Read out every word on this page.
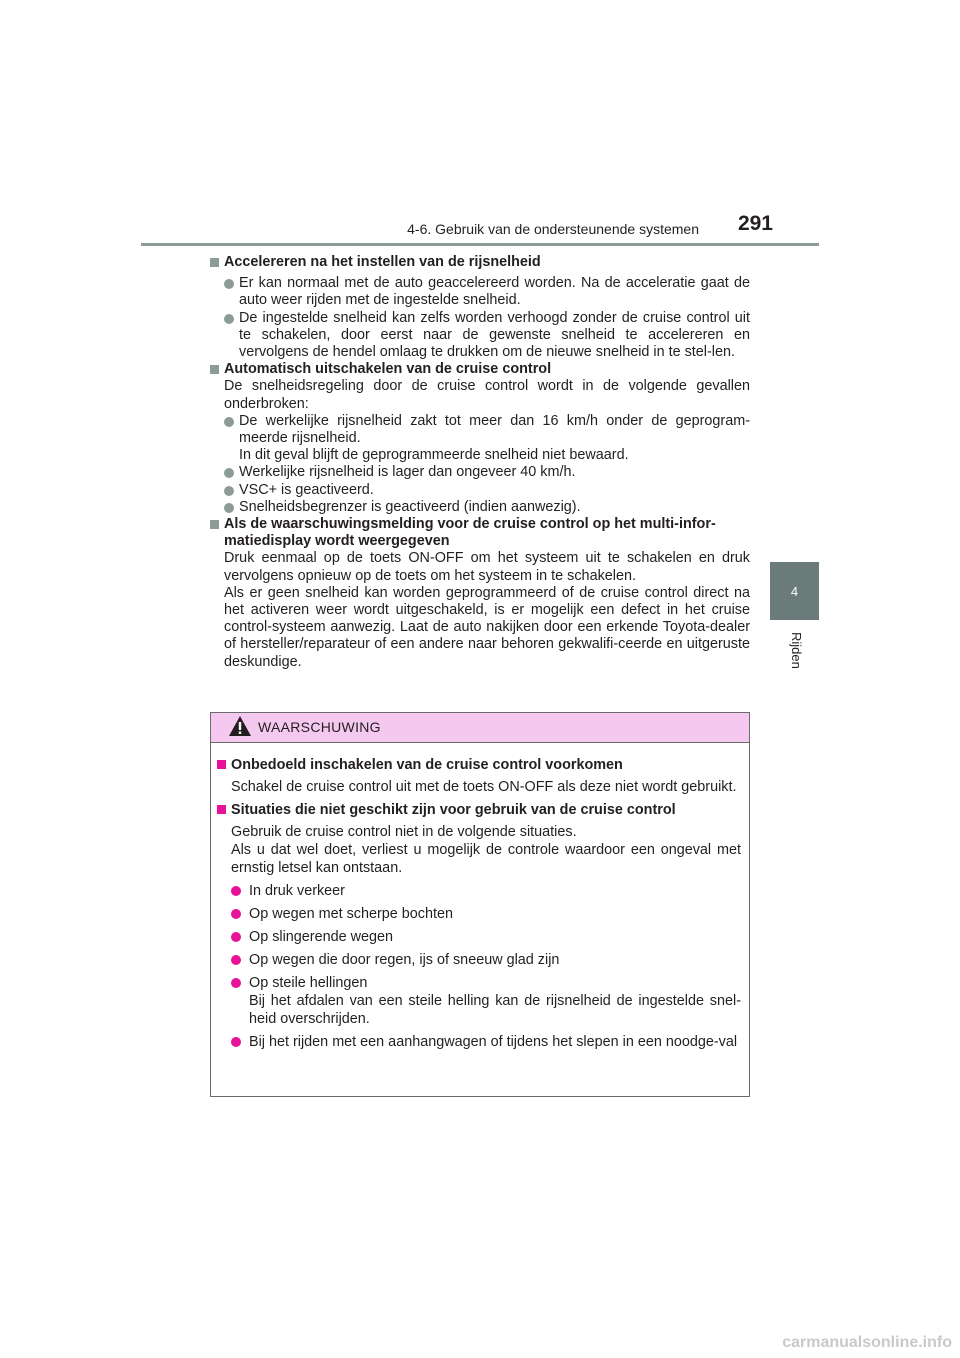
4-6. Gebruik van de ondersteunende systemen 291
4
Rijden
Accelereren na het instellen van de rijsnelheid
Er kan normaal met de auto geaccelereerd worden. Na de acceleratie gaat de auto weer rijden met de ingestelde snelheid.
De ingestelde snelheid kan zelfs worden verhoogd zonder de cruise control uit te schakelen, door eerst naar de gewenste snelheid te accelereren en vervolgens de hendel omlaag te drukken om de nieuwe snelheid in te stel-len.
Automatisch uitschakelen van de cruise control
De snelheidsregeling door de cruise control wordt in de volgende gevallen onderbroken:
De werkelijke rijsnelheid zakt tot meer dan 16 km/h onder de geprogram-meerde rijsnelheid.
In dit geval blijft de geprogrammeerde snelheid niet bewaard.
Werkelijke rijsnelheid is lager dan ongeveer 40 km/h.
VSC+ is geactiveerd.
Snelheidsbegrenzer is geactiveerd (indien aanwezig).
Als de waarschuwingsmelding voor de cruise control op het multi-infor-matiedisplay wordt weergegeven
Druk eenmaal op de toets ON-OFF om het systeem uit te schakelen en druk vervolgens opnieuw op de toets om het systeem in te schakelen.
Als er geen snelheid kan worden geprogrammeerd of de cruise control direct na het activeren weer wordt uitgeschakeld, is er mogelijk een defect in het cruise control-systeem aanwezig. Laat de auto nakijken door een erkende Toyota-dealer of hersteller/reparateur of een andere naar behoren gekwalifi-ceerde en uitgeruste deskundige.
WAARSCHUWING
Onbedoeld inschakelen van de cruise control voorkomen
Schakel de cruise control uit met de toets ON-OFF als deze niet wordt gebruikt.
Situaties die niet geschikt zijn voor gebruik van de cruise control
Gebruik de cruise control niet in de volgende situaties.
Als u dat wel doet, verliest u mogelijk de controle waardoor een ongeval met ernstig letsel kan ontstaan.
In druk verkeer
Op wegen met scherpe bochten
Op slingerende wegen
Op wegen die door regen, ijs of sneeuw glad zijn
Op steile hellingen
Bij het afdalen van een steile helling kan de rijsnelheid de ingestelde snel-heid overschrijden.
Bij het rijden met een aanhangwagen of tijdens het slepen in een noodge-val
carmanualsonline.info
